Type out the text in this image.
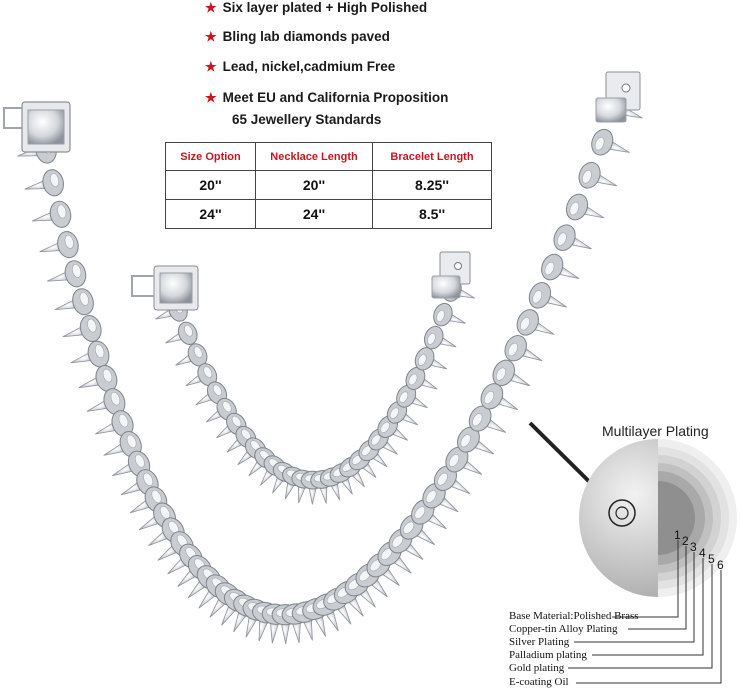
★ Six layer plated + High Polished
★ Bling lab diamonds paved
★ Lead, nickel,cadmium Free
★ Meet EU and California Proposition
65 Jewellery Standards
Size Option	Necklace Length	Bracelet Length
20''	20''	8.25''
24''	24''	8.5''
Multilayer Plating
1 2 3 4 5 6
Base Material:Polished Brass
Copper-tin Alloy Plating
Silver Plating
Palladium plating
Gold plating
E-coating Oil
